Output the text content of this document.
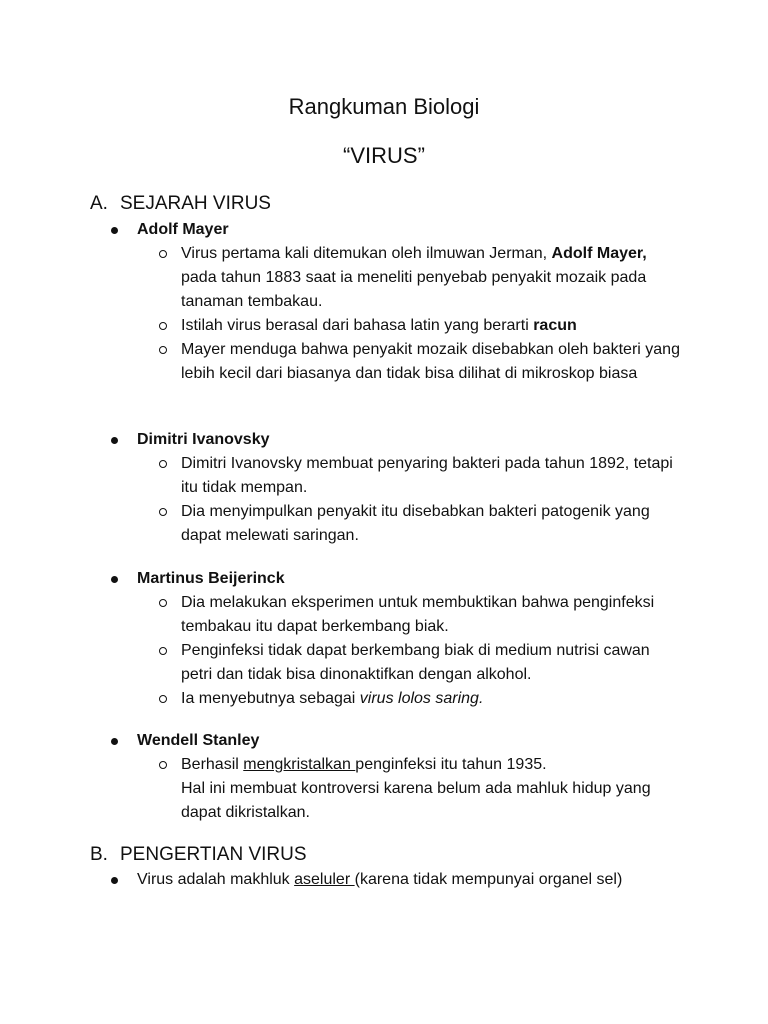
Rangkuman Biologi
“VIRUS”
A. SEJARAH VIRUS
Adolf Mayer
Virus pertama kali ditemukan oleh ilmuwan Jerman, Adolf Mayer, pada tahun 1883 saat ia meneliti penyebab penyakit mozaik pada tanaman tembakau.
Istilah virus berasal dari bahasa latin yang berarti racun
Mayer menduga bahwa penyakit mozaik disebabkan oleh bakteri yang lebih kecil dari biasanya dan tidak bisa dilihat di mikroskop biasa
Dimitri Ivanovsky
Dimitri Ivanovsky membuat penyaring bakteri pada tahun 1892, tetapi itu tidak mempan.
Dia menyimpulkan penyakit itu disebabkan bakteri patogenik yang dapat melewati saringan.
Martinus Beijerinck
Dia melakukan eksperimen untuk membuktikan bahwa penginfeksi tembakau itu dapat berkembang biak.
Penginfeksi tidak dapat berkembang biak di medium nutrisi cawan petri dan tidak bisa dinonaktifkan dengan alkohol.
Ia menyebutnya sebagai virus lolos saring.
Wendell Stanley
Berhasil mengkristalkan penginfeksi itu tahun 1935.
Hal ini membuat kontroversi karena belum ada mahluk hidup yang dapat dikristalkan.
B. PENGERTIAN VIRUS
Virus adalah makhluk aseluler (karena tidak mempunyai organel sel)
